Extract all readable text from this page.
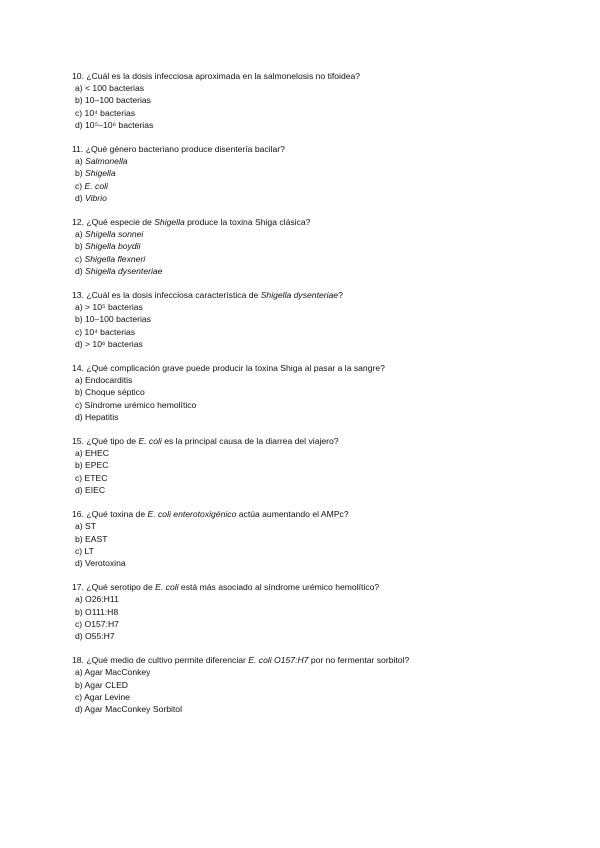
10. ¿Cuál es la dosis infecciosa aproximada en la salmonelosis no tifoidea?
a) < 100 bacterias
b) 10–100 bacterias
c) 10⁴ bacterias
d) 10⁵–10⁶ bacterias
11. ¿Qué género bacteriano produce disentería bacilar?
a) Salmonella
b) Shigella
c) E. coli
d) Vibrio
12. ¿Qué especie de Shigella produce la toxina Shiga clásica?
a) Shigella sonnei
b) Shigella boydii
c) Shigella flexneri
d) Shigella dysenteriae
13. ¿Cuál es la dosis infecciosa característica de Shigella dysenteriae?
a) > 10⁵ bacterias
b) 10–100 bacterias
c) 10⁴ bacterias
d) > 10⁶ bacterias
14. ¿Qué complicación grave puede producir la toxina Shiga al pasar a la sangre?
a) Endocarditis
b) Choque séptico
c) Síndrome urémico hemolítico
d) Hepatitis
15. ¿Qué tipo de E. coli es la principal causa de la diarrea del viajero?
a) EHEC
b) EPEC
c) ETEC
d) EIEC
16. ¿Qué toxina de E. coli enterotoxigénico actúa aumentando el AMPc?
a) ST
b) EAST
c) LT
d) Verotoxina
17. ¿Qué serotipo de E. coli está más asociado al síndrome urémico hemolítico?
a) O26:H11
b) O111:H8
c) O157:H7
d) O55:H7
18. ¿Qué medio de cultivo permite diferenciar E. coli O157:H7 por no fermentar sorbitol?
a) Agar MacConkey
b) Agar CLED
c) Agar Levine
d) Agar MacConkey Sorbitol
